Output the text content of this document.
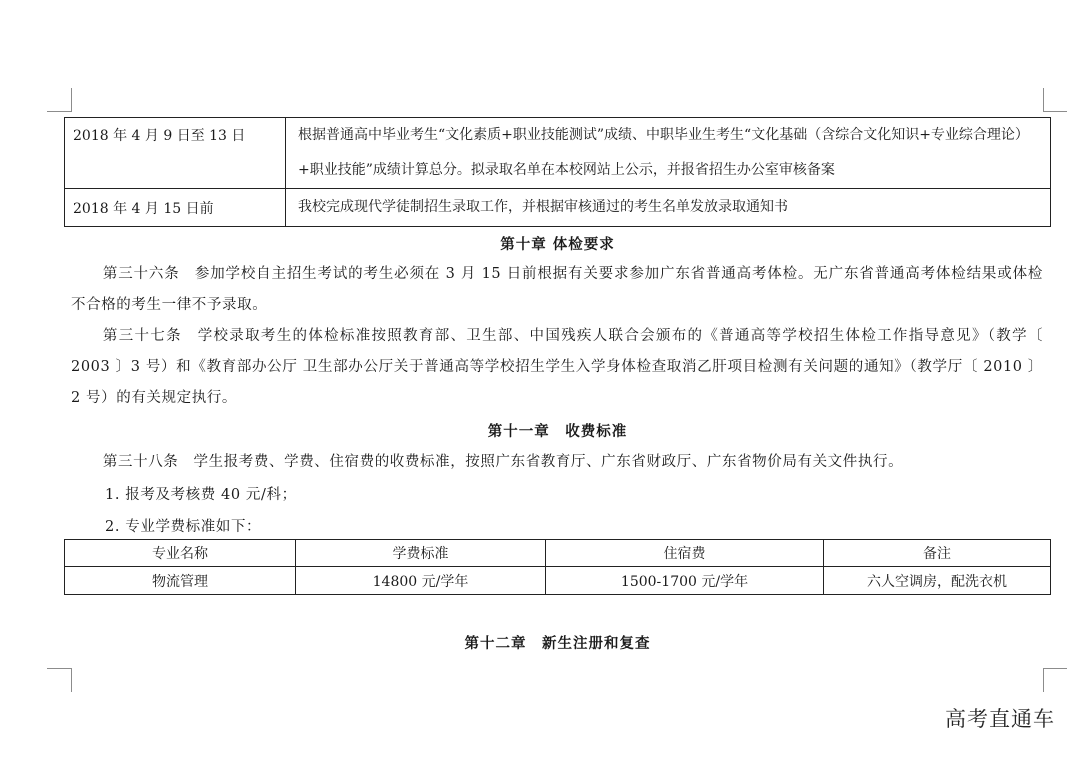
2018 年 4 月 9 日至 13 日	根据普通高中毕业考生“文化素质+职业技能测试”成绩、中职毕业生考生“文化基础（含综合文化知识+专业综合理论）+职业技能”成绩计算总分。拟录取名单在本校网站上公示，并报省招生办公室审核备案
2018 年 4 月 15 日前	我校完成现代学徒制招生录取工作，并根据审核通过的考生名单发放录取通知书
第十章 体检要求

第三十六条　参加学校自主招生考试的考生必须在 3 月 15 日前根据有关要求参加广东省普通高考体检。无广东省普通高考体检结果或体检不合格的考生一律不予录取。

第三十七条　学校录取考生的体检标准按照教育部、卫生部、中国残疾人联合会颁布的《普通高等学校招生体检工作指导意见》（教学〔 2003 〕3 号）和《教育部办公厅 卫生部办公厅关于普通高等学校招生学生入学身体检查取消乙肝项目检测有关问题的通知》（教学厅〔 2010 〕2 号）的有关规定执行。

第十一章　收费标准

第三十八条　学生报考费、学费、住宿费的收费标准，按照广东省教育厅、广东省财政厅、广东省物价局有关文件执行。

1. 报考及考核费 40 元/科；
2. 专业学费标准如下：
专业名称	学费标准	住宿费	备注
物流管理	14800 元/学年	1500-1700 元/学年	六人空调房，配洗衣机
第十二章　新生注册和复查
高考直通车
